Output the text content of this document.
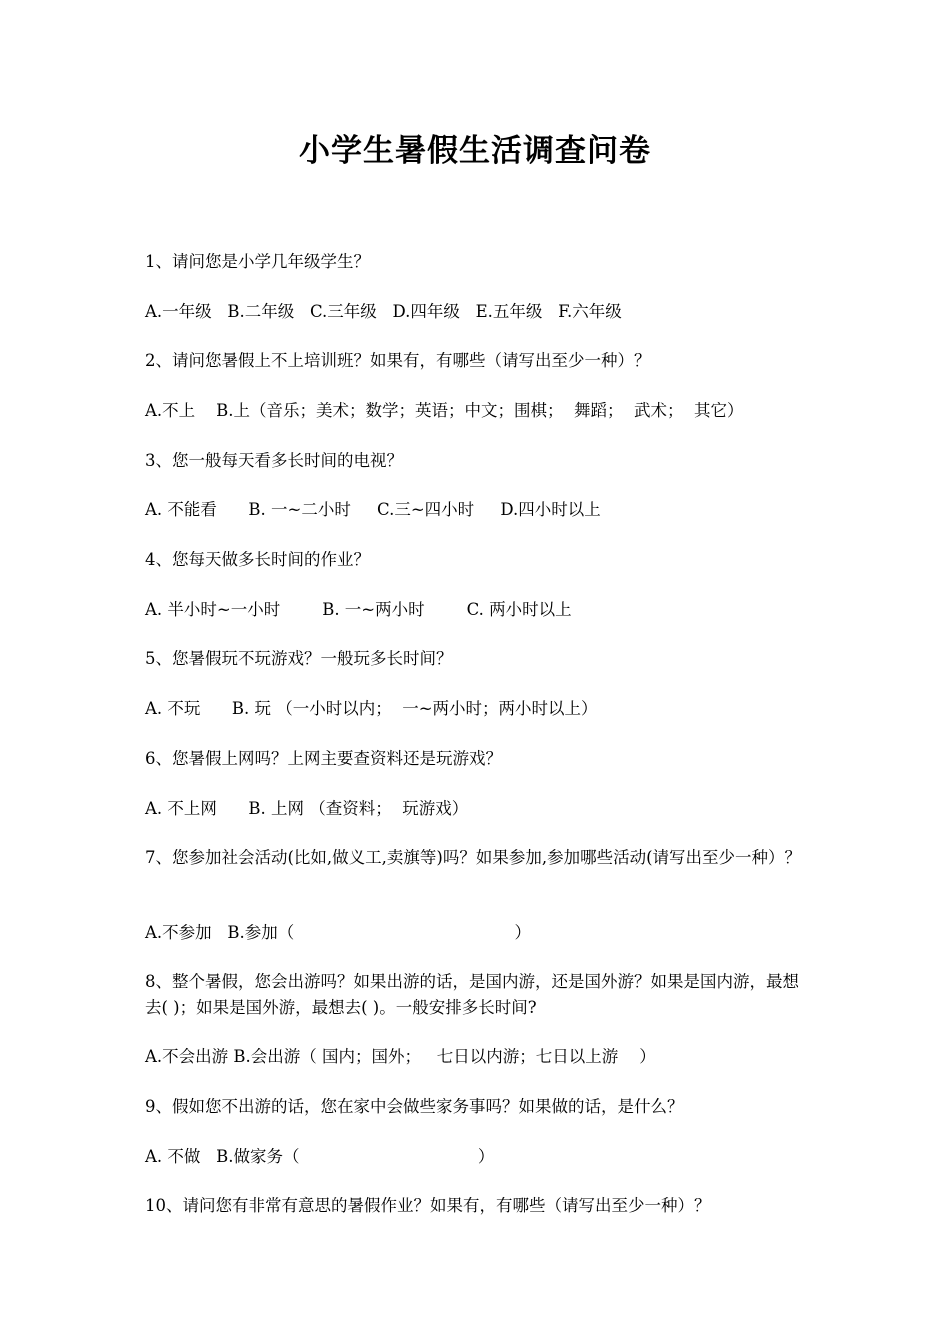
小学生暑假生活调查问卷
1、请问您是小学几年级学生？
A.一年级   B.二年级   C.三年级   D.四年级   E.五年级   F.六年级
2、请问您暑假上不上培训班？如果有，有哪些（请写出至少一种）？
A.不上    B.上（音乐；美术；数学；英语；中文；围棋；  舞蹈；  武术；  其它）
3、您一般每天看多长时间的电视？
A. 不能看      B. 一~二小时     C.三~四小时     D.四小时以上
4、您每天做多长时间的作业？
A. 半小时~一小时        B. 一~两小时        C. 两小时以上
5、您暑假玩不玩游戏？一般玩多长时间？
A. 不玩      B. 玩 （一小时以内；  一~两小时；两小时以上）
6、您暑假上网吗？上网主要查资料还是玩游戏？
A. 不上网      B. 上网 （查资料；  玩游戏）
7、您参加社会活动(比如,做义工,卖旗等)吗？如果参加,参加哪些活动(请写出至少一种）？
A.不参加   B.参加（                                          ）
8、整个暑假，您会出游吗？如果出游的话，是国内游，还是国外游？如果是国内游，最想去( )；如果是国外游，最想去( )。一般安排多长时间?
A.不会出游 B.会出游（ 国内；国外；   七日以内游；七日以上游    ）
9、假如您不出游的话，您在家中会做些家务事吗？如果做的话，是什么？
A. 不做   B.做家务（                                  ）
10、请问您有非常有意思的暑假作业？如果有，有哪些（请写出至少一种）？
